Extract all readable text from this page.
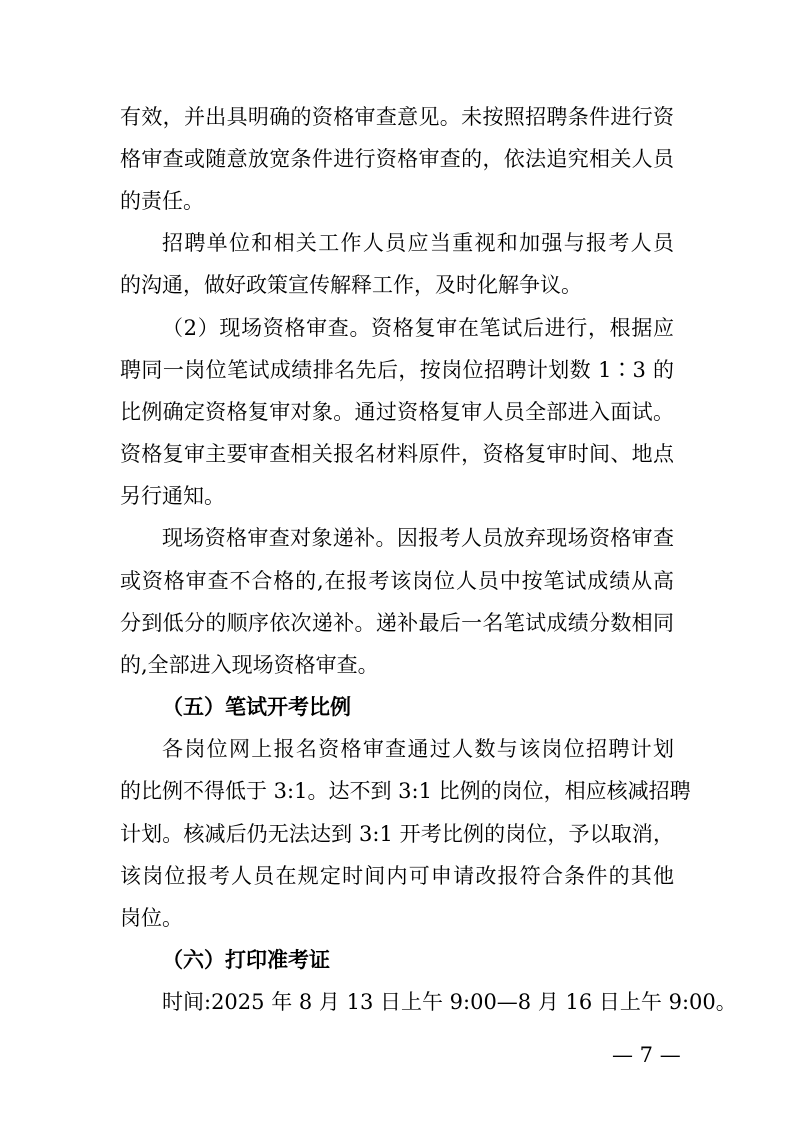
有效，并出具明确的资格审查意见。未按照招聘条件进行资
格审查或随意放宽条件进行资格审查的，依法追究相关人员
的责任。
招聘单位和相关工作人员应当重视和加强与报考人员
的沟通，做好政策宣传解释工作，及时化解争议。
（2）现场资格审查。资格复审在笔试后进行，根据应
聘同一岗位笔试成绩排名先后，按岗位招聘计划数 1∶3 的
比例确定资格复审对象。通过资格复审人员全部进入面试。
资格复审主要审查相关报名材料原件，资格复审时间、地点
另行通知。
现场资格审查对象递补。因报考人员放弃现场资格审查
或资格审查不合格的,在报考该岗位人员中按笔试成绩从高
分到低分的顺序依次递补。递补最后一名笔试成绩分数相同
的,全部进入现场资格审查。
（五）笔试开考比例
各岗位网上报名资格审查通过人数与该岗位招聘计划
的比例不得低于 3:1。达不到 3:1 比例的岗位，相应核减招聘
计划。核减后仍无法达到 3:1 开考比例的岗位，予以取消，
该岗位报考人员在规定时间内可申请改报符合条件的其他
岗位。
（六）打印准考证
时间:2025 年 8 月 13 日上午 9:00—8 月 16 日上午 9:00。
— 7 —
